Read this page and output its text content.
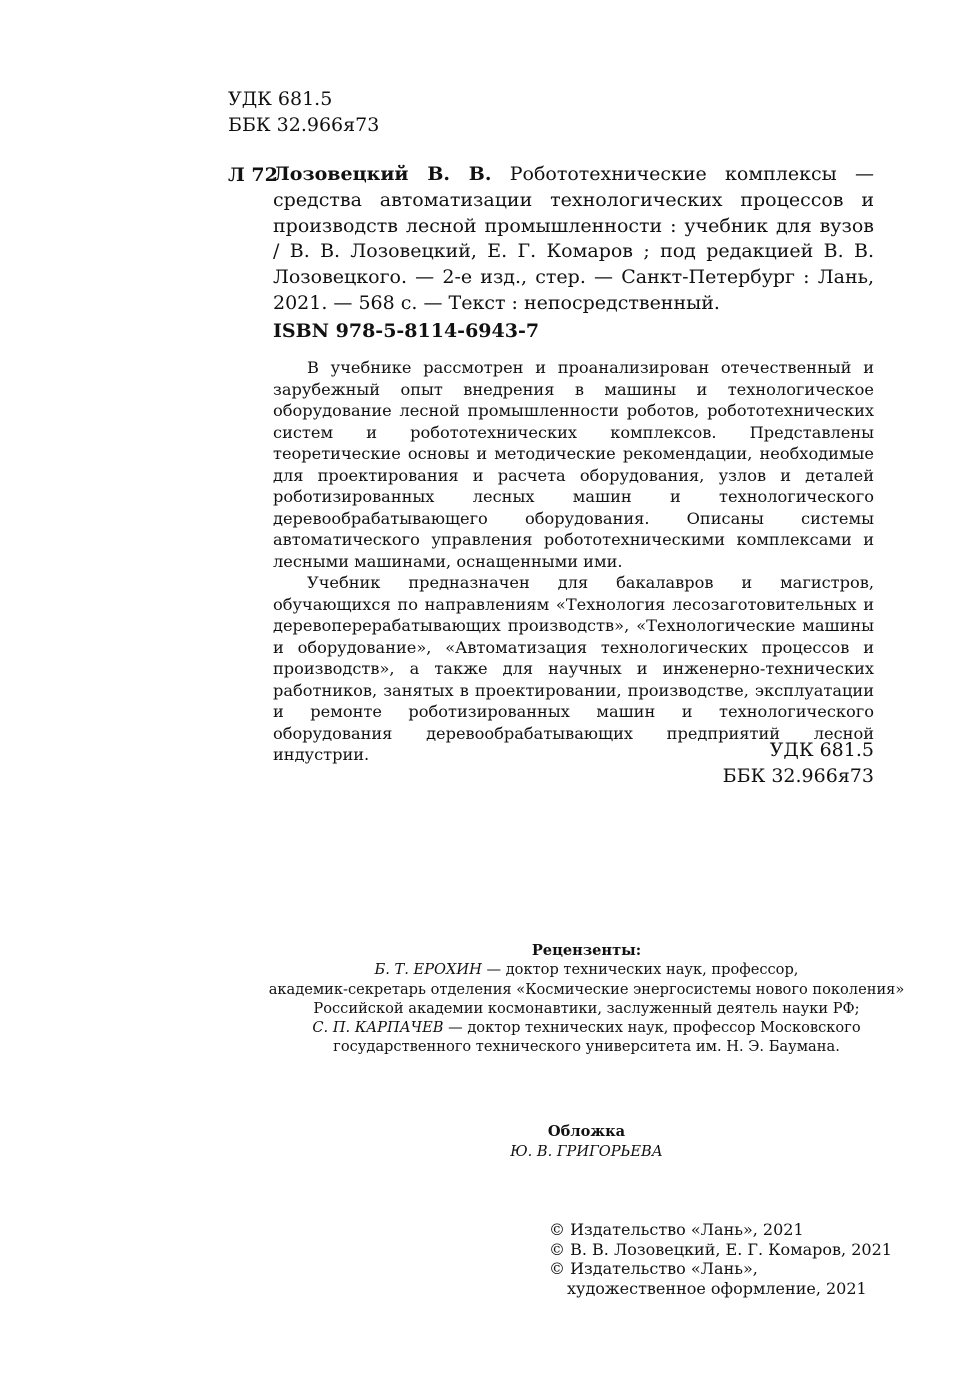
УДК 681.5
ББК 32.966я73
Л 72
Лозовецкий В. В. Робототехнические комплексы — средства автоматизации технологических процессов и производств лесной промышленности : учебник для вузов / В. В. Лозовецкий, Е. Г. Комаров ; под редакцией В. В. Лозовецкого. — 2-е изд., стер. — Санкт-Петербург : Лань, 2021. — 568 с. — Текст : непосредственный.
ISBN 978-5-8114-6943-7

В учебнике рассмотрен и проанализирован отечественный и зарубежный опыт внедрения в машины и технологическое оборудование лесной промышленности роботов, робототехнических систем и робототехнических комплексов. Представлены теоретические основы и методические рекомендации, необходимые для проектирования и расчета оборудования, узлов и деталей роботизированных лесных машин и технологического деревообрабатывающего оборудования. Описаны системы автоматического управления робототехническими комплексами и лесными машинами, оснащенными ими.

Учебник предназначен для бакалавров и магистров, обучающихся по направлениям «Технология лесозаготовительных и деревоперерабатывающих производств», «Технологические машины и оборудование», «Автоматизация технологических процессов и производств», а также для научных и инженерно-технических работников, занятых в проектировании, производстве, эксплуатации и ремонте роботизированных машин и технологического оборудования деревообрабатывающих предприятий лесной индустрии.	УДК 681.5
ББК 32.966я73
Рецензенты:
Б. Т. ЕРОХИН — доктор технических наук, профессор,
академик-секретарь отделения «Космические энергосистемы нового поколения»
Российской академии космонавтики, заслуженный деятель науки РФ;
С. П. КАРПАЧЕВ — доктор технических наук, профессор Московского
государственного технического университета им. Н. Э. Баумана.
Обложка
Ю. В. ГРИГОРЬЕВА
© Издательство «Лань», 2021
© В. В. Лозовецкий, Е. Г. Комаров, 2021
© Издательство «Лань»,
художественное оформление, 2021
